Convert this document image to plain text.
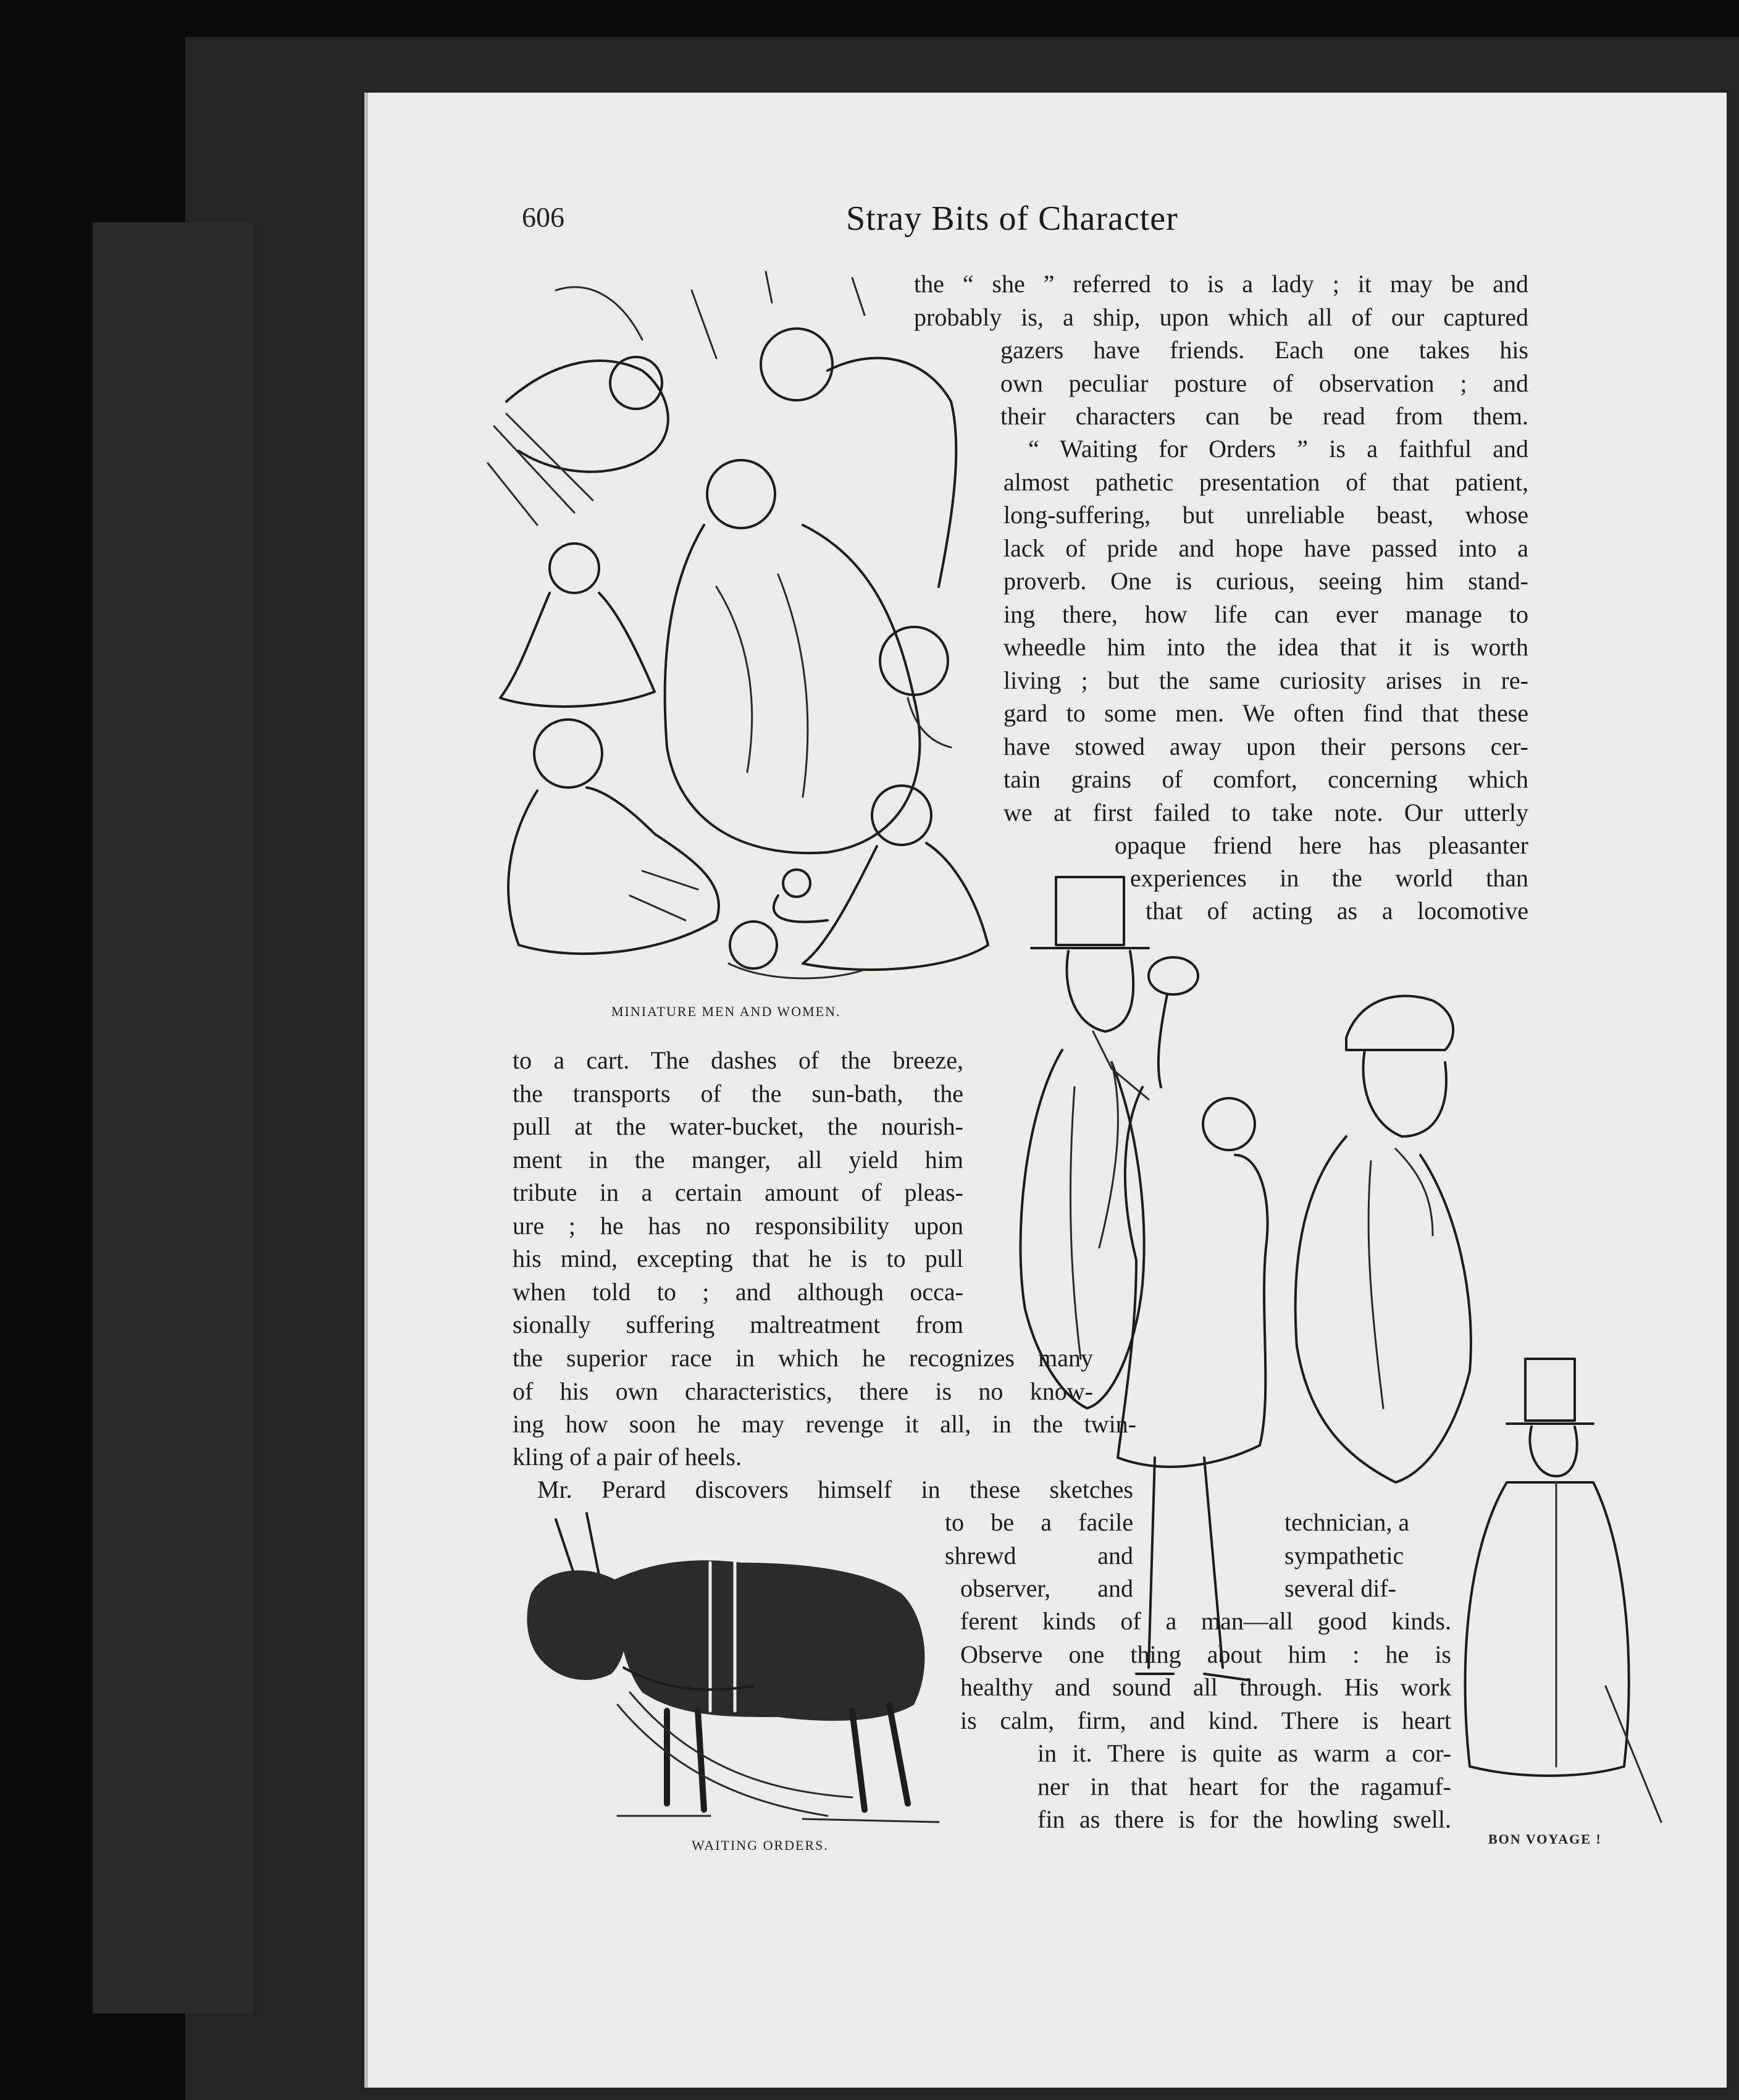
606	Stray Bits of Character
MINIATURE MEN AND WOMEN.
BON VOYAGE !
WAITING ORDERS.
the “ she ” referred to is a lady ; it may be and
probably is, a ship, upon which all of our captured
gazers have friends. Each one takes his
own peculiar posture of observation ; and
their characters can be read from them.
“ Waiting for Orders ” is a faithful and
almost pathetic presentation of that patient,
long-suffering, but unreliable beast, whose
lack of pride and hope have passed into a
proverb. One is curious, seeing him stand-
ing there, how life can ever manage to
wheedle him into the idea that it is worth
living ; but the same curiosity arises in re-
gard to some men. We often find that these
have stowed away upon their persons cer-
tain grains of comfort, concerning which
we at first failed to take note. Our utterly
opaque friend here has pleasanter
experiences in the world than
that of acting as a locomotive
to a cart. The dashes of the breeze,
the transports of the sun-bath, the
pull at the water-bucket, the nourish-
ment in the manger, all yield him
tribute in a certain amount of pleas-
ure ; he has no responsibility upon
his mind, excepting that he is to pull
when told to ; and although occa-
sionally suffering maltreatment from
the superior race in which he recognizes many
of his own characteristics, there is no know-
ing how soon he may revenge it all, in the twin-
kling of a pair of heels.
Mr. Perard discovers himself in these sketches
to be a facile
shrewd and
observer, and
technician, a
sympathetic
several dif-
ferent kinds of a man—all good kinds.
Observe one thing about him : he is
healthy and sound all through. His work
is calm, firm, and kind. There is heart
in it. There is quite as warm a cor-
ner in that heart for the ragamuf-
fin as there is for the howling swell.
